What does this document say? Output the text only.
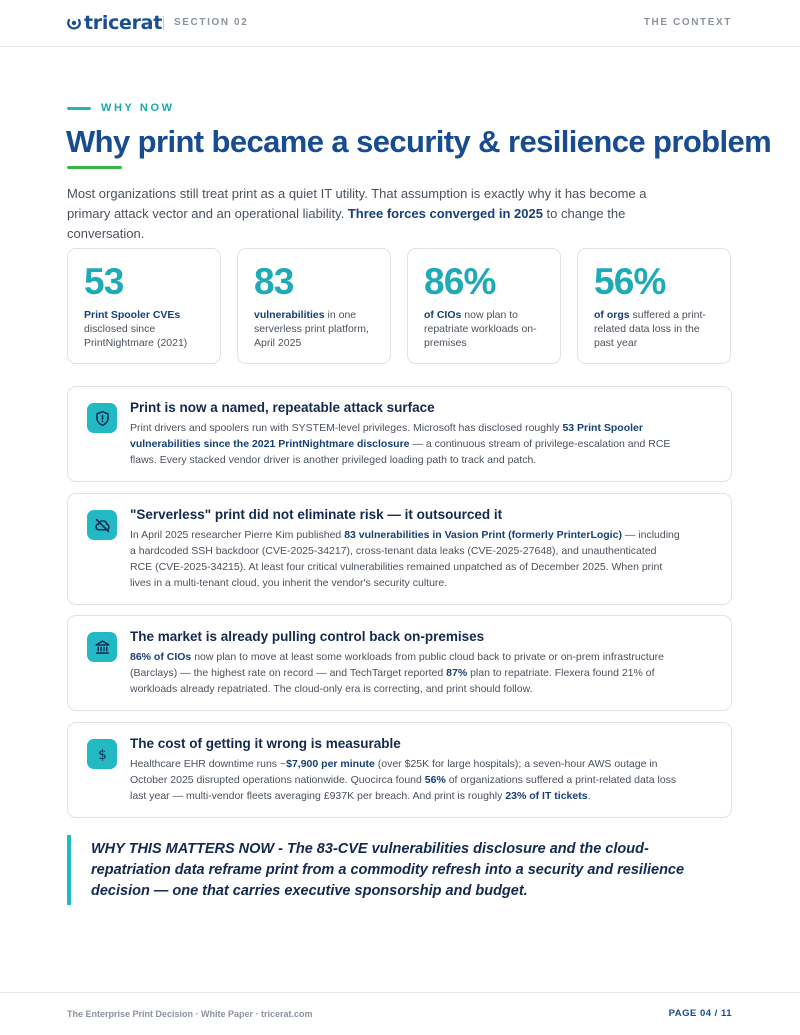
tricerat SECTION 02	THE CONTEXT
WHY NOW
Why print became a security & resilience problem
Most organizations still treat print as a quiet IT utility. That assumption is exactly why it has become a primary attack vector and an operational liability. Three forces converged in 2025 to change the conversation.
53
Print Spooler CVEs disclosed since PrintNightmare (2021)
83
vulnerabilities in one serverless print platform, April 2025
86%
of CIOs now plan to repatriate workloads on-premises
56%
of orgs suffered a print-related data loss in the past year
Print is now a named, repeatable attack surface
Print drivers and spoolers run with SYSTEM-level privileges. Microsoft has disclosed roughly 53 Print Spooler vulnerabilities since the 2021 PrintNightmare disclosure — a continuous stream of privilege-escalation and RCE flaws. Every stacked vendor driver is another privileged loading path to track and patch.
"Serverless" print did not eliminate risk — it outsourced it
In April 2025 researcher Pierre Kim published 83 vulnerabilities in Vasion Print (formerly PrinterLogic) — including a hardcoded SSH backdoor (CVE-2025-34217), cross-tenant data leaks (CVE-2025-27648), and unauthenticated RCE (CVE-2025-34215). At least four critical vulnerabilities remained unpatched as of December 2025. When print lives in a multi-tenant cloud, you inherit the vendor's security culture.
The market is already pulling control back on-premises
86% of CIOs now plan to move at least some workloads from public cloud back to private or on-prem infrastructure (Barclays) — the highest rate on record — and TechTarget reported 87% plan to repatriate. Flexera found 21% of workloads already repatriated. The cloud-only era is correcting, and print should follow.
$
The cost of getting it wrong is measurable
Healthcare EHR downtime runs ~$7,900 per minute (over $25K for large hospitals); a seven-hour AWS outage in October 2025 disrupted operations nationwide. Quocirca found 56% of organizations suffered a print-related data loss last year — multi-vendor fleets averaging £937K per breach. And print is roughly 23% of IT tickets.
WHY THIS MATTERS NOW - The 83-CVE vulnerabilities disclosure and the cloud-repatriation data reframe print from a commodity refresh into a security and resilience decision — one that carries executive sponsorship and budget.
The Enterprise Print Decision · White Paper · tricerat.com	PAGE 04 / 11
